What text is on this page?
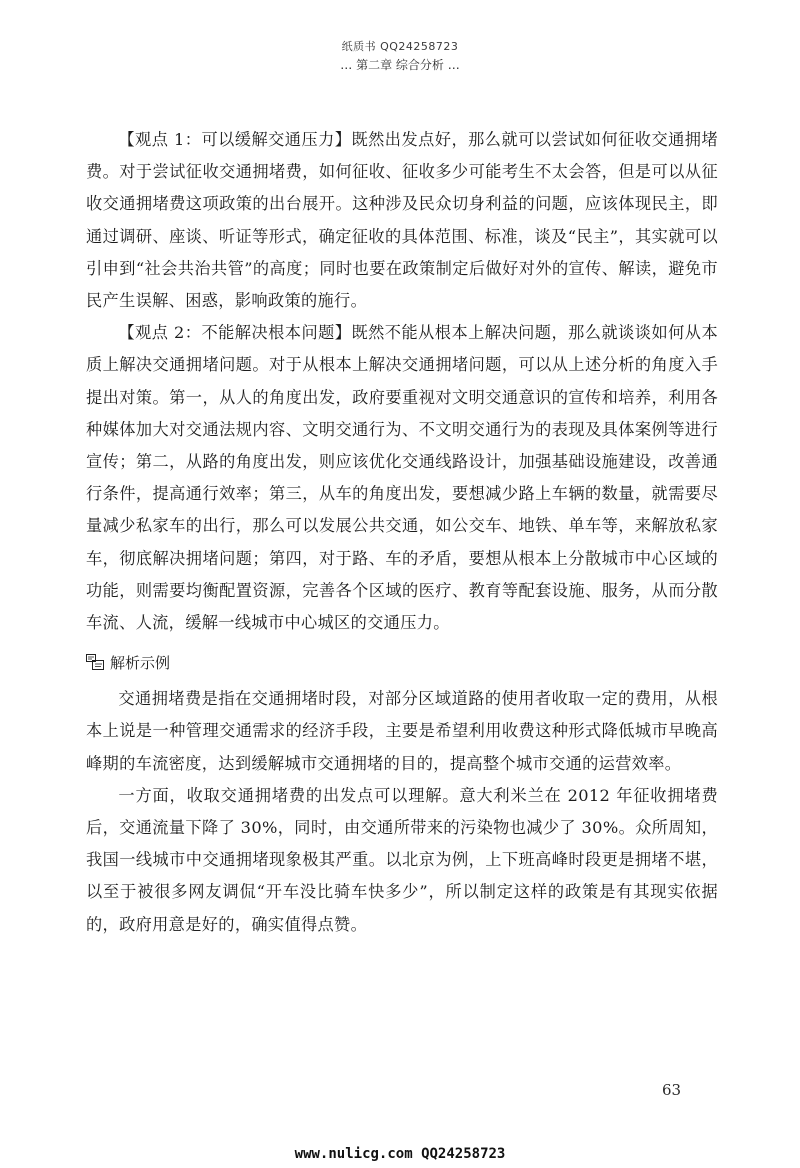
纸质书 QQ24258723
… 第二章 综合分析 …

【观点 1：可以缓解交通压力】既然出发点好，那么就可以尝试如何征收交通拥堵费。对于尝试征收交通拥堵费，如何征收、征收多少可能考生不太会答，但是可以从征收交通拥堵费这项政策的出台展开。这种涉及民众切身利益的问题，应该体现民主，即通过调研、座谈、听证等形式，确定征收的具体范围、标准，谈及“民主”，其实就可以引申到“社会共治共管”的高度；同时也要在政策制定后做好对外的宣传、解读，避免市民产生误解、困惑，影响政策的施行。

【观点 2：不能解决根本问题】既然不能从根本上解决问题，那么就谈谈如何从本质上解决交通拥堵问题。对于从根本上解决交通拥堵问题，可以从上述分析的角度入手提出对策。第一，从人的角度出发，政府要重视对文明交通意识的宣传和培养，利用各种媒体加大对交通法规内容、文明交通行为、不文明交通行为的表现及具体案例等进行宣传；第二，从路的角度出发，则应该优化交通线路设计，加强基础设施建设，改善通行条件，提高通行效率；第三，从车的角度出发，要想减少路上车辆的数量，就需要尽量减少私家车的出行，那么可以发展公共交通，如公交车、地铁、单车等，来解放私家车，彻底解决拥堵问题；第四，对于路、车的矛盾，要想从根本上分散城市中心区域的功能，则需要均衡配置资源，完善各个区域的医疗、教育等配套设施、服务，从而分散车流、人流，缓解一线城市中心城区的交通压力。

解析示例

交通拥堵费是指在交通拥堵时段，对部分区域道路的使用者收取一定的费用，从根本上说是一种管理交通需求的经济手段，主要是希望利用收费这种形式降低城市早晚高峰期的车流密度，达到缓解城市交通拥堵的目的，提高整个城市交通的运营效率。

一方面，收取交通拥堵费的出发点可以理解。意大利米兰在 2012 年征收拥堵费后，交通流量下降了 30%，同时，由交通所带来的污染物也减少了 30%。众所周知，我国一线城市中交通拥堵现象极其严重。以北京为例，上下班高峰时段更是拥堵不堪，以至于被很多网友调侃“开车没比骑车快多少”，所以制定这样的政策是有其现实依据的，政府用意是好的，确实值得点赞。

63
www.nulicg.com QQ24258723
